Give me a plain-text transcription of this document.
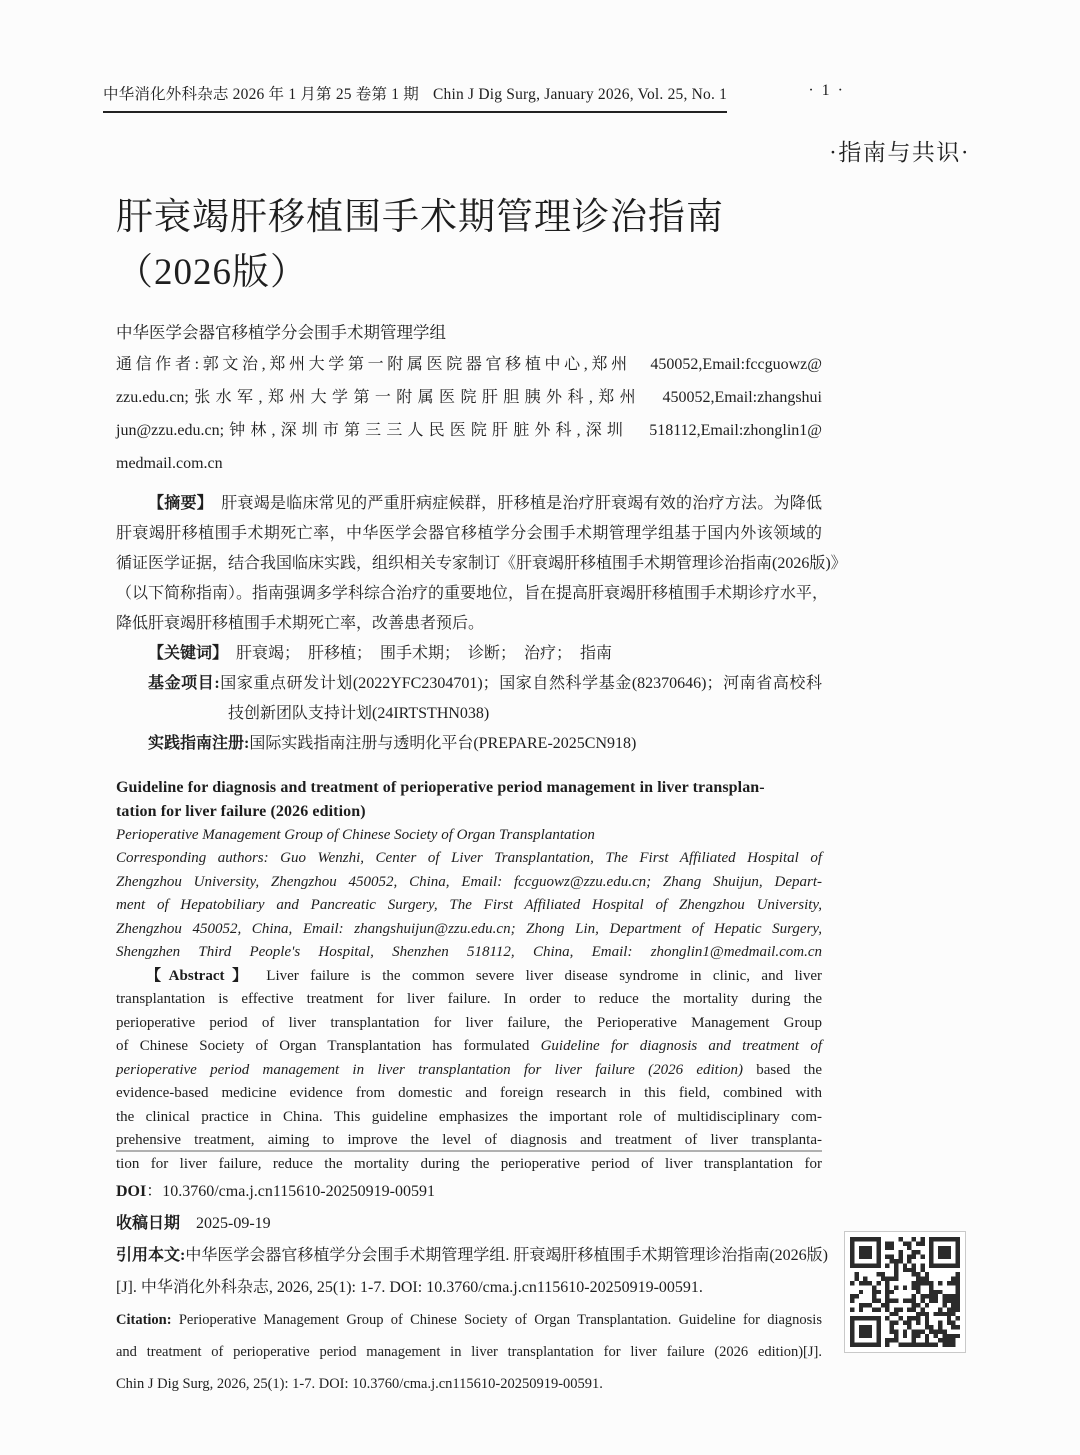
中华消化外科杂志 2026 年 1 月第 25 卷第 1 期 Chin J Dig Surg, January 2026, Vol. 25, No. 1	· 1 ·
·指南与共识·
肝衰竭肝移植围手术期管理诊治指南
（2026版）
中华医学会器官移植学分会围手术期管理学组
通信作者:郭文治,郑州大学第一附属医院器官移植中心,郑州　450052,Email:fccguowz@
zzu.edu.cn;张水军,郑州大学第一附属医院肝胆胰外科,郑州　450052,Email:zhangshui
jun@zzu.edu.cn;钟林,深圳市第三三人民医院肝脏外科,深圳　518112,Email:zhonglin1@
medmail.com.cn
【摘要】　肝衰竭是临床常见的严重肝病症候群，肝移植是治疗肝衰竭有效的治疗方法。为降低
肝衰竭肝移植围手术期死亡率，中华医学会器官移植学分会围手术期管理学组基于国内外该领域的
循证医学证据，结合我国临床实践，组织相关专家制订《肝衰竭肝移植围手术期管理诊治指南(2026版)》
（以下简称指南）。指南强调多学科综合治疗的重要地位，旨在提高肝衰竭肝移植围手术期诊疗水平，
降低肝衰竭肝移植围手术期死亡率，改善患者预后。
【关键词】　肝衰竭；　肝移植；　围手术期；　诊断；　治疗；　指南
基金项目:国家重点研发计划(2022YFC2304701)；国家自然科学基金(82370646)；河南省高校科
技创新团队支持计划(24IRTSTHN038)
实践指南注册:国际实践指南注册与透明化平台(PREPARE-2025CN918)
Guideline for diagnosis and treatment of perioperative period management in liver transplan-
tation for liver failure (2026 edition)
Perioperative Management Group of Chinese Society of Organ Transplantation
Corresponding authors: Guo Wenzhi, Center of Liver Transplantation, The First Affiliated Hospital of
Zhengzhou University, Zhengzhou 450052, China, Email: fccguowz@zzu.edu.cn; Zhang Shuijun, Depart-
ment of Hepatobiliary and Pancreatic Surgery, The First Affiliated Hospital of Zhengzhou University,
Zhengzhou 450052, China, Email: zhangshuijun@zzu.edu.cn; Zhong Lin, Department of Hepatic Surgery,
Shengzhen Third People's Hospital, Shenzhen 518112, China, Email: zhonglin1@medmail.com.cn
【Abstract】 Liver failure is the common severe liver disease syndrome in clinic, and liver
transplantation is effective treatment for liver failure. In order to reduce the mortality during the
perioperative period of liver transplantation for liver failure, the Perioperative Management Group
of Chinese Society of Organ Transplantation has formulated Guideline for diagnosis and treatment of
perioperative period management in liver transplantation for liver failure (2026 edition) based the
evidence-based medicine evidence from domestic and foreign research in this field, combined with
the clinical practice in China. This guideline emphasizes the important role of multidisciplinary com-
prehensive treatment, aiming to improve the level of diagnosis and treatment of liver transplanta-
tion for liver failure, reduce the mortality during the perioperative period of liver transplantation for
DOI：10.3760/cma.j.cn115610-20250919-00591
收稿日期　2025-09-19
引用本文:中华医学会器官移植学分会围手术期管理学组. 肝衰竭肝移植围手术期管理诊治指南(2026版)
[J]. 中华消化外科杂志, 2026, 25(1): 1-7. DOI: 10.3760/cma.j.cn115610-20250919-00591.
Citation: Perioperative Management Group of Chinese Society of Organ Transplantation. Guideline for diagnosis
and treatment of perioperative period management in liver transplantation for liver failure (2026 edition)[J].
Chin J Dig Surg, 2026, 25(1): 1-7. DOI: 10.3760/cma.j.cn115610-20250919-00591.
